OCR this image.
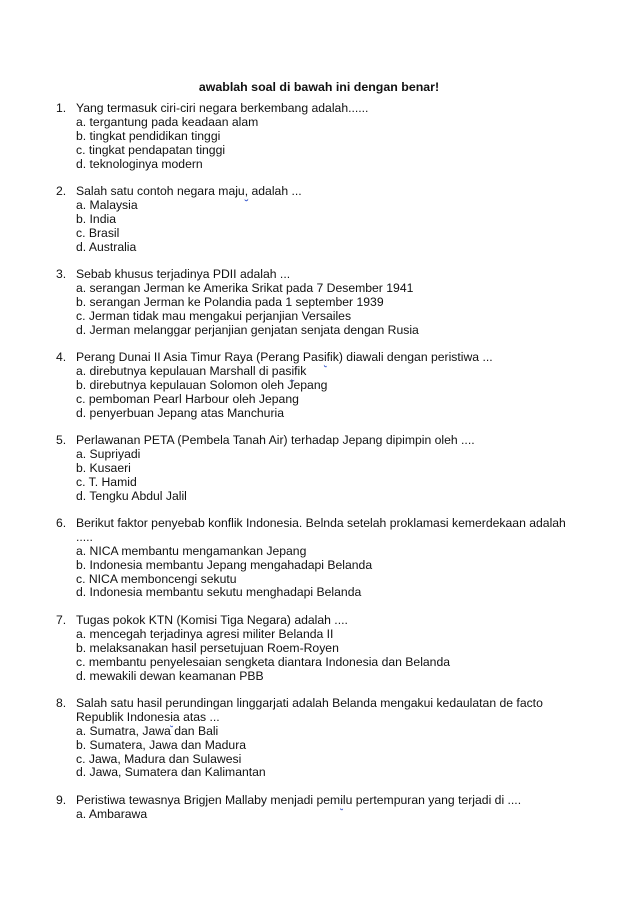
awablah soal di bawah ini dengan benar!
1. Yang termasuk ciri-ciri negara berkembang adalah......
a. tergantung pada keadaan alam
b. tingkat pendidikan tinggi
c. tingkat pendapatan tinggi
d. teknologinya modern
2. Salah satu contoh negara maju, adalah ...
a. Malaysia
b. India
c. Brasil
d. Australia
3. Sebab khusus terjadinya PDII adalah ...
a. serangan Jerman ke Amerika Srikat pada 7 Desember 1941
b. serangan Jerman ke Polandia pada 1 september 1939
c. Jerman tidak mau mengakui perjanjian Versailes
d. Jerman melanggar perjanjian genjatan senjata dengan Rusia
4. Perang Dunai II Asia Timur Raya (Perang Pasifik) diawali dengan peristiwa ...
a. direbutnya kepulauan Marshall di pasifik
b. direbutnya kepulauan Solomon oleh Jepang
c. pemboman Pearl Harbour oleh Jepang
d. penyerbuan Jepang atas Manchuria
5. Perlawanan PETA (Pembela Tanah Air) terhadap Jepang dipimpin oleh ....
a. Supriyadi
b. Kusaeri
c. T. Hamid
d. Tengku Abdul Jalil
6. Berikut faktor penyebab konflik Indonesia. Belnda setelah proklamasi kemerdekaan adalah
.....
a. NICA membantu mengamankan Jepang
b. Indonesia membantu Jepang mengahadapi Belanda
c. NICA memboncengi sekutu
d. Indonesia membantu sekutu menghadapi Belanda
7. Tugas pokok KTN (Komisi Tiga Negara) adalah ....
a. mencegah terjadinya agresi militer Belanda II
b. melaksanakan hasil persetujuan Roem-Royen
c. membantu penyelesaian sengketa diantara Indonesia dan Belanda
d. mewakili dewan keamanan PBB
8. Salah satu hasil perundingan linggarjati adalah Belanda mengakui kedaulatan de facto
Republik Indonesia atas ...
a. Sumatra, Jawa dan Bali
b. Sumatera, Jawa dan Madura
c. Jawa, Madura dan Sulawesi
d. Jawa, Sumatera dan Kalimantan
9. Peristiwa tewasnya Brigjen Mallaby menjadi pemilu pertempuran yang terjadi di ....
a. Ambarawa
